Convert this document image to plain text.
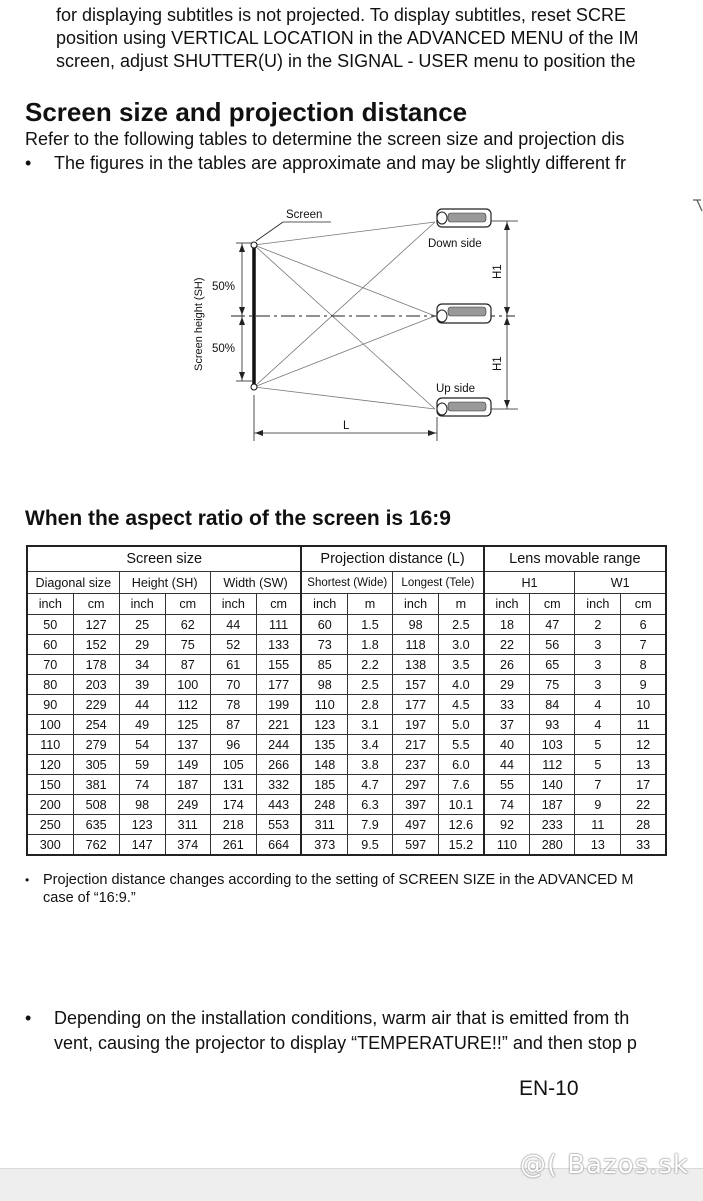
for displaying subtitles is not projected. To display subtitles, reset SCRE
position using VERTICAL LOCATION in the ADVANCED MENU of the IM
screen, adjust SHUTTER(U) in the SIGNAL - USER menu to position the
Screen size and projection distance
Refer to the following tables to determine the screen size and projection dis
• The figures in the tables are approximate and may be slightly different fr
Screen
Down side
Up side
50%
50%
L
Screen height (SH)
H1
H1
When the aspect ratio of the screen is 16:9
Screen size						Projection distance (L)				Lens movable range			
Diagonal size		Height (SH)		Width (SW)		Shortest (Wide)		Longest (Tele)		H1		W1	
inch	cm	inch	cm	inch	cm	inch	m	inch	m	inch	cm	inch	cm
50	127	25	62	44	111	60	1.5	98	2.5	18	47	2	6
60	152	29	75	52	133	73	1.8	118	3.0	22	56	3	7
70	178	34	87	61	155	85	2.2	138	3.5	26	65	3	8
80	203	39	100	70	177	98	2.5	157	4.0	29	75	3	9
90	229	44	112	78	199	110	2.8	177	4.5	33	84	4	10
100	254	49	125	87	221	123	3.1	197	5.0	37	93	4	11
110	279	54	137	96	244	135	3.4	217	5.5	40	103	5	12
120	305	59	149	105	266	148	3.8	237	6.0	44	112	5	13
150	381	74	187	131	332	185	4.7	297	7.6	55	140	7	17
200	508	98	249	174	443	248	6.3	397	10.1	74	187	9	22
250	635	123	311	218	553	311	7.9	497	12.6	92	233	11	28
300	762	147	374	261	664	373	9.5	597	15.2	110	280	13	33
• Projection distance changes according to the setting of SCREEN SIZE in the ADVANCED M
case of “16:9.”
• Depending on the installation conditions, warm air that is emitted from th
vent, causing the projector to display “TEMPERATURE!!” and then stop p
EN-10
@( Bazos.sk
